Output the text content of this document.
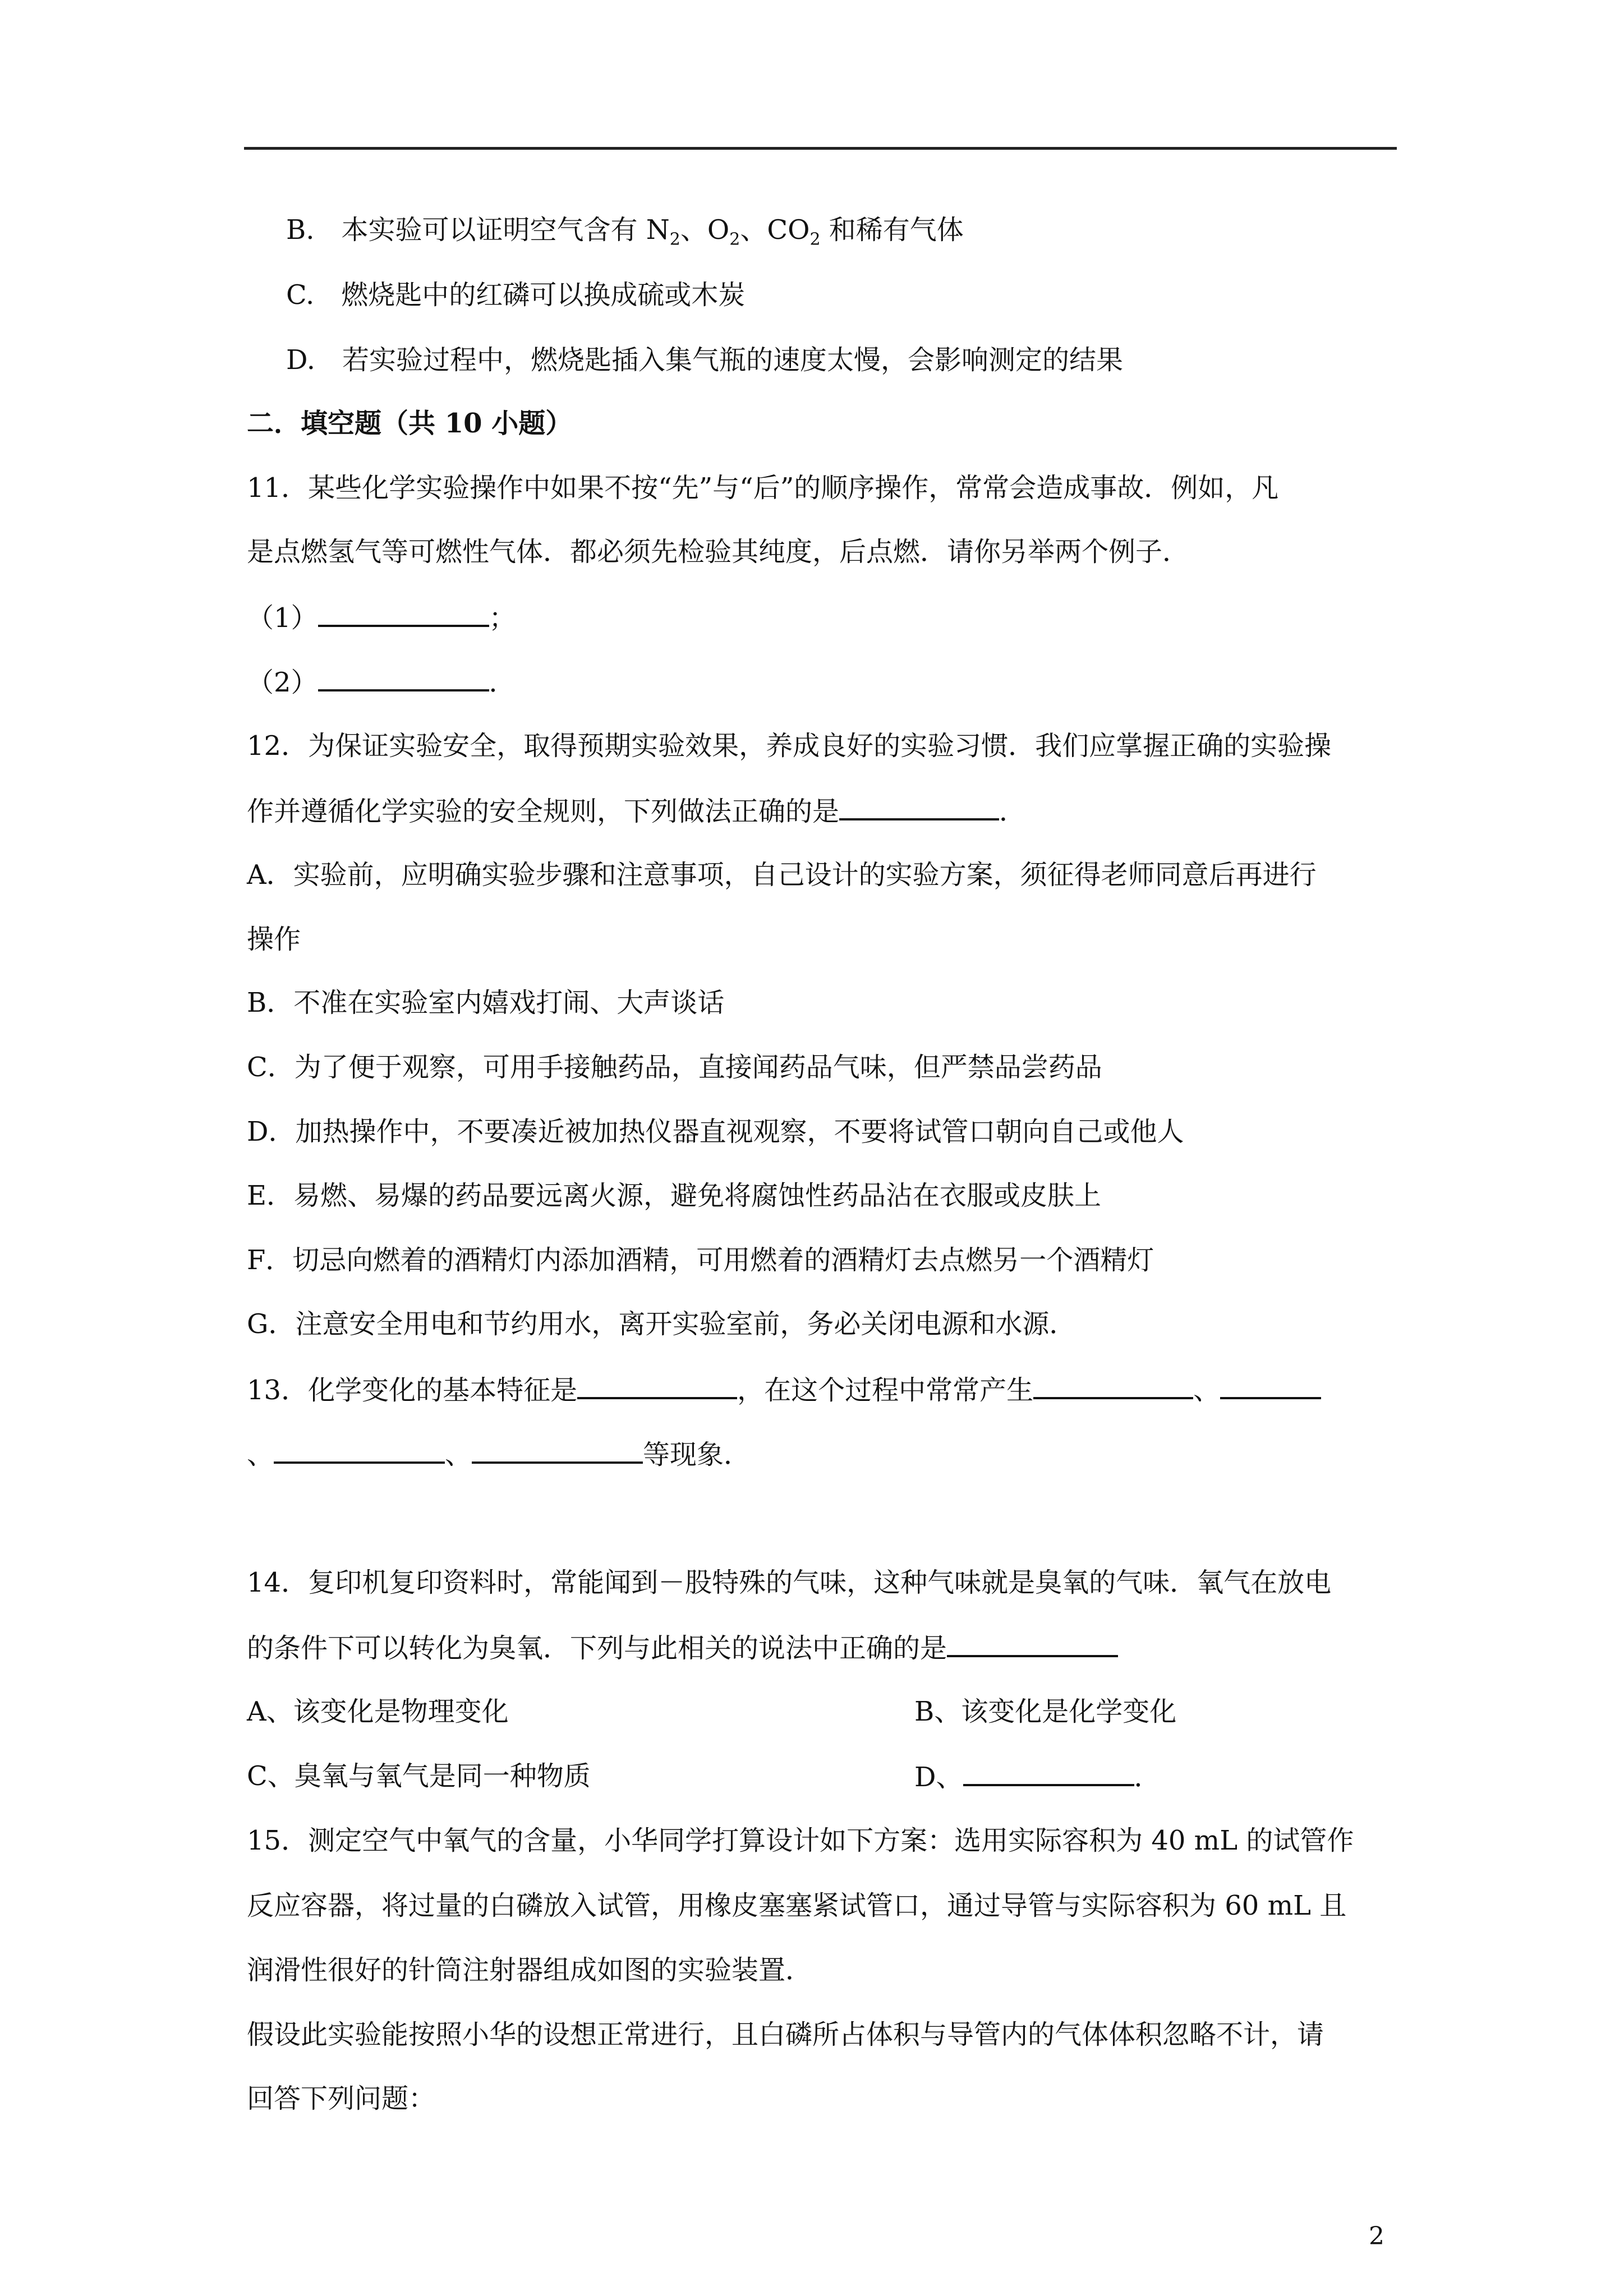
B.　本实验可以证明空气含有 $N_2$、$O_2$、$CO_2$ 和稀有气体
C.　燃烧匙中的红磷可以换成硫或木炭
D.　若实验过程中，燃烧匙插入集气瓶的速度太慢，会影响测定的结果
二．填空题（共 10 小题）
11．某些化学实验操作中如果不按“先”与“后”的顺序操作，常常会造成事故．例如，凡
是点燃氢气等可燃性气体．都必须先检验其纯度，后点燃．请你另举两个例子．
（1）	；
（2）	．
12．为保证实验安全，取得预期实验效果，养成良好的实验习惯．我们应掌握正确的实验操
作并遵循化学实验的安全规则，下列做法正确的是	．
A．实验前，应明确实验步骤和注意事项，自己设计的实验方案，须征得老师同意后再进行
操作
B．不准在实验室内嬉戏打闹、大声谈话
C．为了便于观察，可用手接触药品，直接闻药品气味，但严禁品尝药品
D．加热操作中，不要凑近被加热仪器直视观察，不要将试管口朝向自己或他人
E．易燃、易爆的药品要远离火源，避免将腐蚀性药品沾在衣服或皮肤上
F．切忌向燃着的酒精灯内添加酒精，可用燃着的酒精灯去点燃另一个酒精灯
G．注意安全用电和节约用水，离开实验室前，务必关闭电源和水源．
13．化学变化的基本特征是	，在这个过程中常常产生	、
、	、	等现象．
14．复印机复印资料时，常能闻到－股特殊的气味，这种气味就是臭氧的气味．氧气在放电
的条件下可以转化为臭氧．下列与此相关的说法中正确的是
A、该变化是物理变化	B、该变化是化学变化
C、臭氧与氧气是同一种物质	D、	．
15．测定空气中氧气的含量，小华同学打算设计如下方案：选用实际容积为 40 mL 的试管作
反应容器，将过量的白磷放入试管，用橡皮塞塞紧试管口，通过导管与实际容积为 60 mL 且
润滑性很好的针筒注射器组成如图的实验装置．
假设此实验能按照小华的设想正常进行，且白磷所占体积与导管内的气体体积忽略不计，请
回答下列问题：
2
